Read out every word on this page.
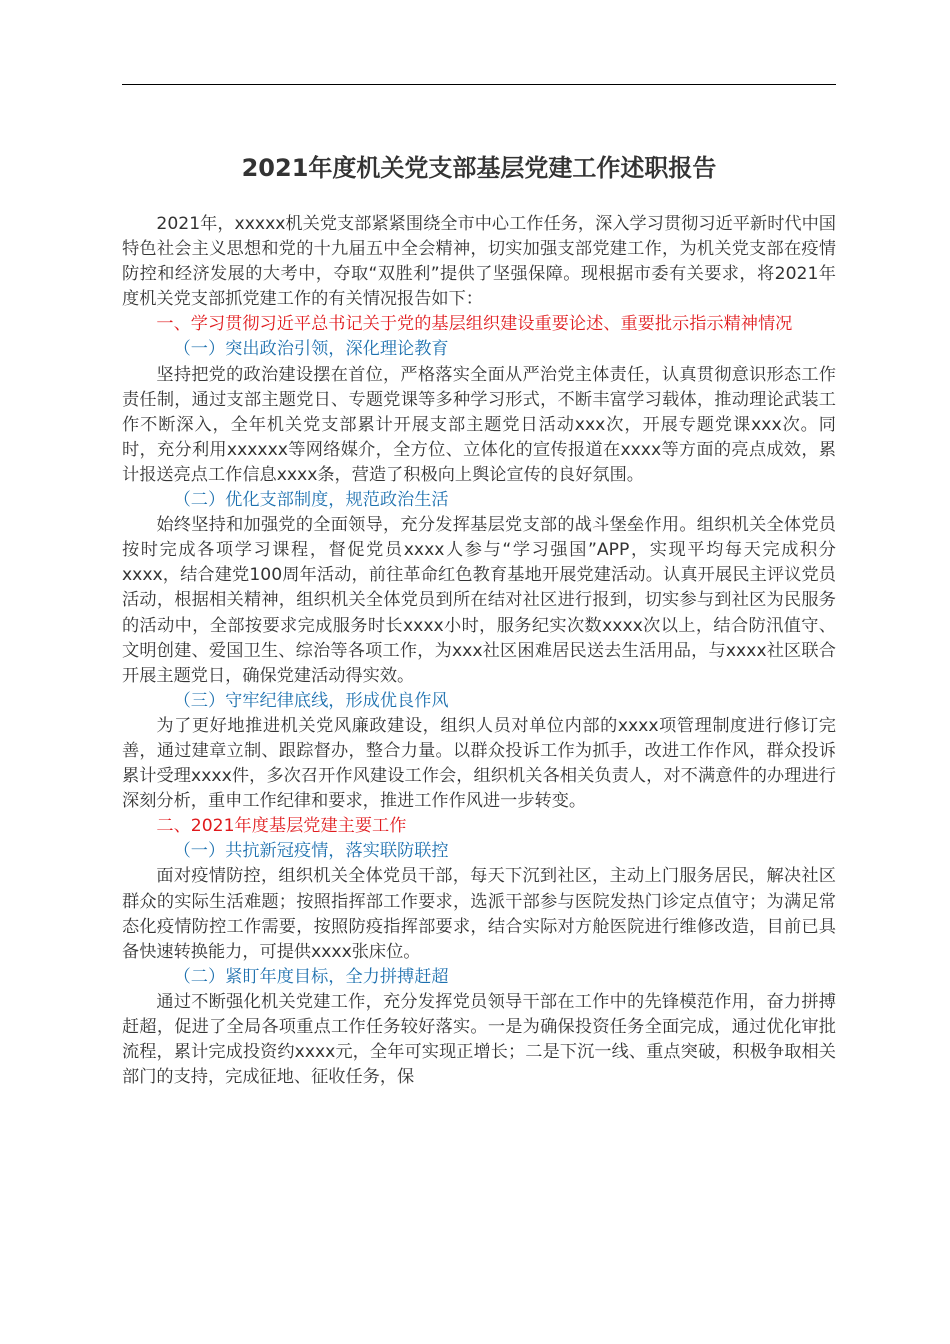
2021年度机关党支部基层党建工作述职报告

2021年，xxxxx机关党支部紧紧围绕全市中心工作任务，深入学习贯彻习近平新时代中国特色社会主义思想和党的十九届五中全会精神，切实加强支部党建工作，为机关党支部在疫情防控和经济发展的大考中，夺取“双胜利”提供了坚强保障。现根据市委有关要求，将2021年度机关党支部抓党建工作的有关情况报告如下：

一、学习贯彻习近平总书记关于党的基层组织建设重要论述、重要批示指示精神情况

（一）突出政治引领，深化理论教育

坚持把党的政治建设摆在首位，严格落实全面从严治党主体责任，认真贯彻意识形态工作责任制，通过支部主题党日、专题党课等多种学习形式，不断丰富学习载体，推动理论武装工作不断深入，全年机关党支部累计开展支部主题党日活动xxx次，开展专题党课xxx次。同时，充分利用xxxxxx等网络媒介，全方位、立体化的宣传报道在xxxx等方面的亮点成效，累计报送亮点工作信息xxxx条，营造了积极向上舆论宣传的良好氛围。

（二）优化支部制度，规范政治生活

始终坚持和加强党的全面领导，充分发挥基层党支部的战斗堡垒作用。组织机关全体党员按时完成各项学习课程，督促党员xxxx人参与“学习强国”APP，实现平均每天完成积分xxxx，结合建党100周年活动，前往革命红色教育基地开展党建活动。认真开展民主评议党员活动，根据相关精神，组织机关全体党员到所在结对社区进行报到，切实参与到社区为民服务的活动中，全部按要求完成服务时长xxxx小时，服务纪实次数xxxx次以上，结合防汛值守、文明创建、爱国卫生、综治等各项工作，为xxx社区困难居民送去生活用品，与xxxx社区联合开展主题党日，确保党建活动得实效。

（三）守牢纪律底线，形成优良作风

为了更好地推进机关党风廉政建设，组织人员对单位内部的xxxx项管理制度进行修订完善，通过建章立制、跟踪督办，整合力量。以群众投诉工作为抓手，改进工作作风，群众投诉累计受理xxxx件，多次召开作风建设工作会，组织机关各相关负责人，对不满意件的办理进行深刻分析，重申工作纪律和要求，推进工作作风进一步转变。

二、2021年度基层党建主要工作

（一）共抗新冠疫情，落实联防联控

面对疫情防控，组织机关全体党员干部，每天下沉到社区，主动上门服务居民，解决社区群众的实际生活难题；按照指挥部工作要求，选派干部参与医院发热门诊定点值守；为满足常态化疫情防控工作需要，按照防疫指挥部要求，结合实际对方舱医院进行维修改造，目前已具备快速转换能力，可提供xxxx张床位。

（二）紧盯年度目标，全力拼搏赶超

通过不断强化机关党建工作，充分发挥党员领导干部在工作中的先锋模范作用，奋力拼搏赶超，促进了全局各项重点工作任务较好落实。一是为确保投资任务全面完成，通过优化审批流程，累计完成投资约xxxx元，全年可实现正增长；二是下沉一线、重点突破，积极争取相关部门的支持，完成征地、征收任务，保
